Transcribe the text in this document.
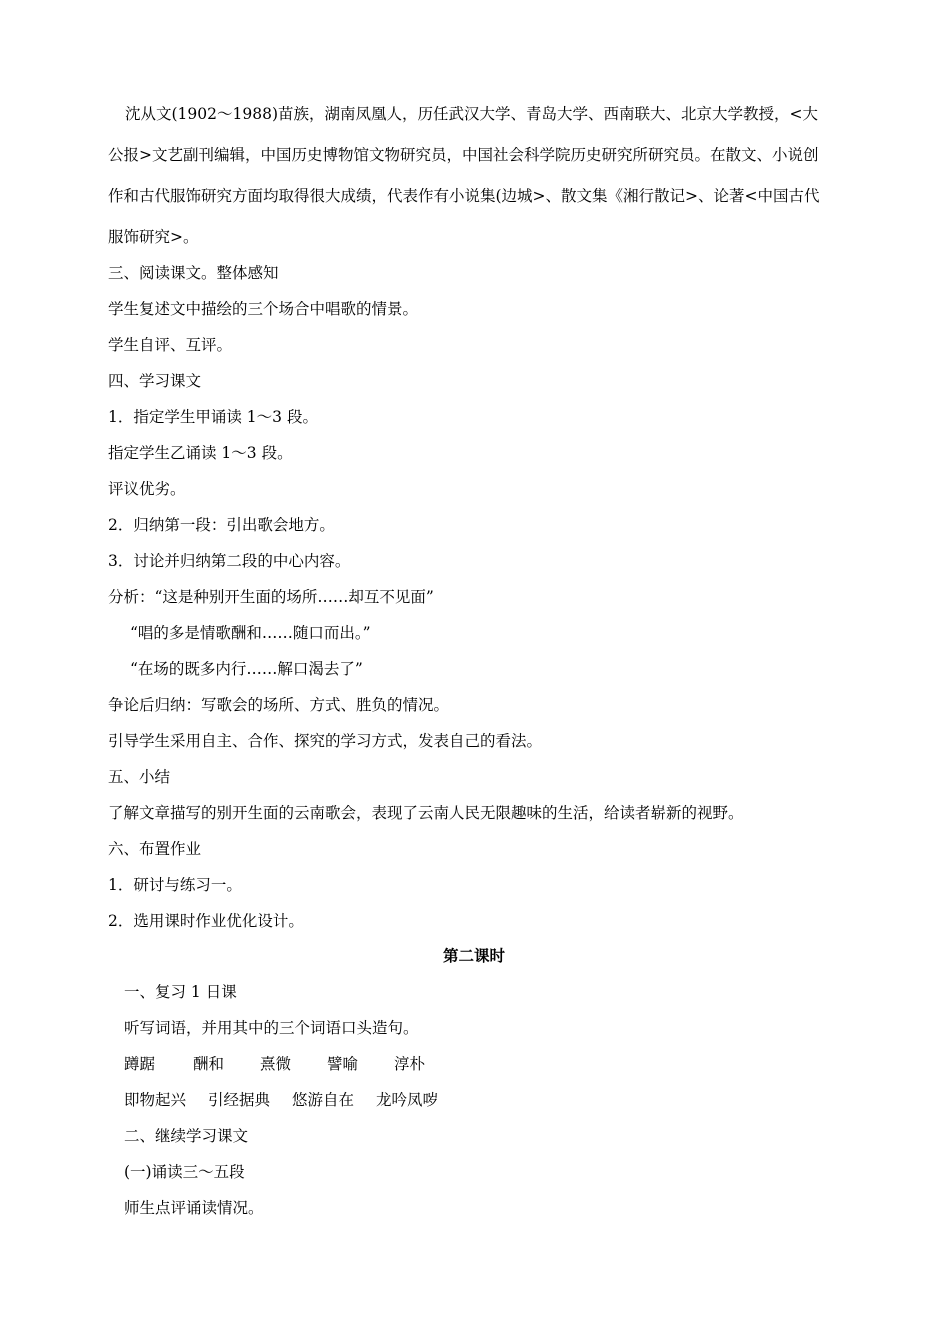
沈从文(1902～1988)苗族，湖南凤凰人，历任武汉大学、青岛大学、西南联大、北京大学教授，<大
公报>文艺副刊编辑，中国历史博物馆文物研究员，中国社会科学院历史研究所研究员。在散文、小说创
作和古代服饰研究方面均取得很大成绩，代表作有小说集(边城>、散文集《湘行散记>、论著<中国古代
服饰研究>。
三、阅读课文。整体感知
学生复述文中描绘的三个场合中唱歌的情景。
学生自评、互评。
四、学习课文
1．指定学生甲诵读 1～3 段。
指定学生乙诵读 1～3 段。
评议优劣。
2．归纳第一段：引出歌会地方。
3．讨论并归纳第二段的中心内容。
分析：“这是种别开生面的场所……却互不见面”
“唱的多是情歌酬和……随口而出。”
“在场的既多内行……解口渴去了”
争论后归纳：写歌会的场所、方式、胜负的情况。
引导学生采用自主、合作、探究的学习方式，发表自己的看法。
五、小结
了解文章描写的别开生面的云南歌会，表现了云南人民无限趣味的生活，给读者崭新的视野。
六、布置作业
1．研讨与练习一。
2．选用课时作业优化设计。
第二课时
一、复习 1 日课
听写词语，并用其中的三个词语口头造句。
蹲踞 酬和 熹微 譬喻 淳朴
即物起兴 引经据典 悠游自在 龙吟凤哕
二、继续学习课文
(一)诵读三～五段
师生点评诵读情况。
